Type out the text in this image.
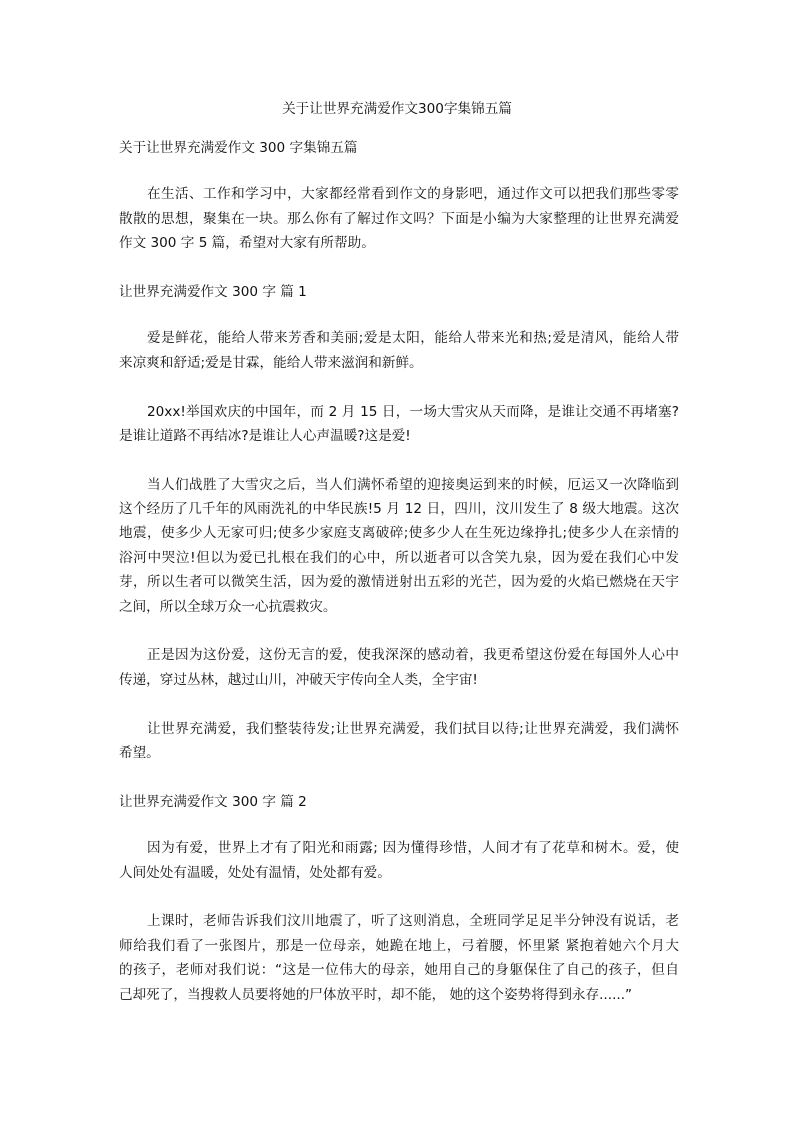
关于让世界充满爱作文300字集锦五篇
关于让世界充满爱作文 300 字集锦五篇
在生活、工作和学习中，大家都经常看到作文的身影吧，通过作文可以把我们那些零零
散散的思想，聚集在一块。那么你有了解过作文吗？下面是小编为大家整理的让世界充满爱
作文 300 字 5 篇，希望对大家有所帮助。
让世界充满爱作文 300 字 篇 1
爱是鲜花，能给人带来芳香和美丽;爱是太阳，能给人带来光和热;爱是清风，能给人带
来凉爽和舒适;爱是甘霖，能给人带来滋润和新鲜。
20xx!举国欢庆的中国年，而 2 月 15 日，一场大雪灾从天而降，是谁让交通不再堵塞?
是谁让道路不再结冰?是谁让人心声温暖?这是爱!
当人们战胜了大雪灾之后，当人们满怀希望的迎接奥运到来的时候，厄运又一次降临到
这个经历了几千年的风雨洗礼的中华民族!5 月 12 日，四川，汶川发生了 8 级大地震。这次
地震，使多少人无家可归;使多少家庭支离破碎;使多少人在生死边缘挣扎;使多少人在亲情的
浴河中哭泣!但以为爱已扎根在我们的心中，所以逝者可以含笑九泉，因为爱在我们心中发
芽，所以生者可以微笑生活，因为爱的激情迸射出五彩的光芒，因为爱的火焰已燃烧在天宇
之间，所以全球万众一心抗震救灾。
正是因为这份爱，这份无言的爱，使我深深的感动着，我更希望这份爱在每国外人心中
传递，穿过丛林，越过山川，冲破天宇传向全人类，全宇宙!
让世界充满爱，我们整装待发;让世界充满爱，我们拭目以待;让世界充满爱，我们满怀
希望。
让世界充满爱作文 300 字 篇 2
因为有爱，世界上才有了阳光和雨露; 因为懂得珍惜，人间才有了花草和树木。爱，使
人间处处有温暖，处处有温情，处处都有爱。
上课时，老师告诉我们汶川地震了，听了这则消息，全班同学足足半分钟没有说话，老
师给我们看了一张图片，那是一位母亲，她跪在地上，弓着腰，怀里紧 紧抱着她六个月大
的孩子，老师对我们说：“这是一位伟大的母亲，她用自己的身躯保住了自己的孩子，但自
己却死了，当搜救人员要将她的尸体放平时，却不能， 她的这个姿势将得到永存......”
